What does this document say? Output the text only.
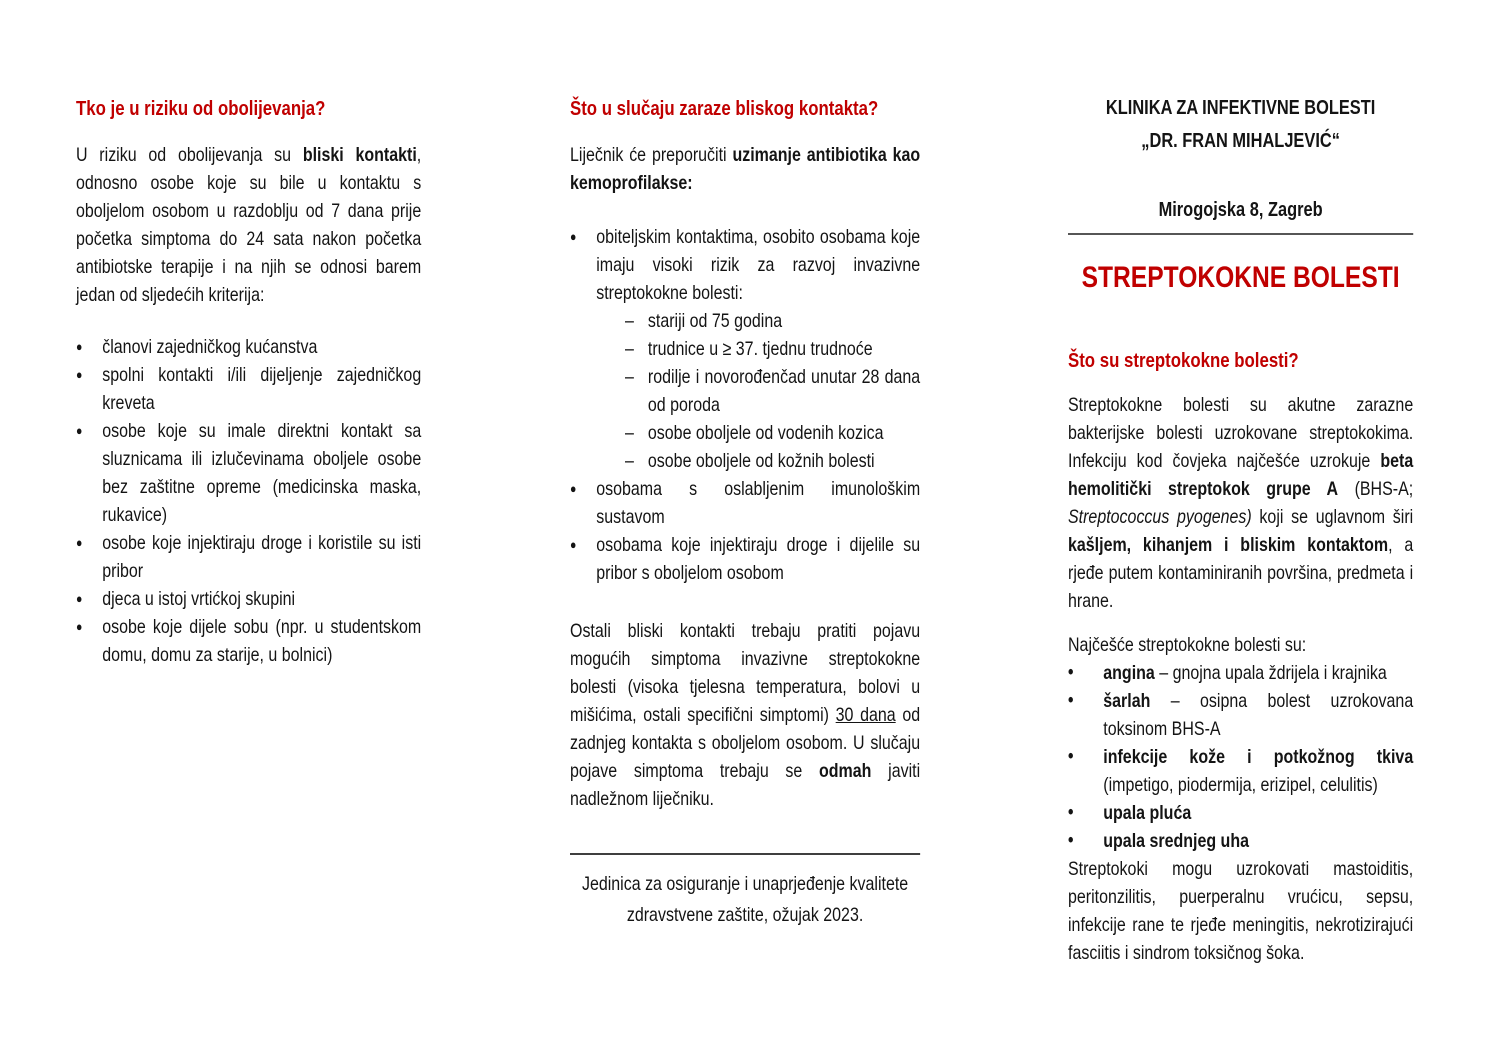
Tko je u riziku od obolijevanja?
U riziku od obolijevanja su bliski kontakti, odnosno osobe koje su bile u kontaktu s oboljelom osobom u razdoblju od 7 dana prije početka simptoma do 24 sata nakon početka antibiotske terapije i na njih se odnosi barem jedan od sljedećih kriterija:
●	članovi zajedničkog kućanstva
●	spolni kontakti i/ili dijeljenje zajedničkog kreveta
●	osobe koje su imale direktni kontakt sa sluznicama ili izlučevinama oboljele osobe bez zaštitne opreme (medicinska maska, rukavice)
●	osobe koje injektiraju droge i koristile su isti pribor
●	djeca u istoj vrtićkoj skupini
●	osobe koje dijele sobu (npr. u studentskom domu, domu za starije, u bolnici)
Što u slučaju zaraze bliskog kontakta?
Liječnik će preporučiti uzimanje antibiotika kao kemoprofilakse:
●	obiteljskim kontaktima, osobito osobama koje imaju visoki rizik za razvoj invazivne streptokokne bolesti:
– stariji od 75 godina
– trudnice u ≥ 37. tjednu trudnoće
– rodilje i novorođenčad unutar 28 dana od poroda
– osobe oboljele od vodenih kozica
– osobe oboljele od kožnih bolesti
●	osobama s oslabljenim imunološkim sustavom
●	osobama koje injektiraju droge i dijelile su pribor s oboljelom osobom
Ostali bliski kontakti trebaju pratiti pojavu mogućih simptoma invazivne streptokokne bolesti (visoka tjelesna temperatura, bolovi u mišićima, ostali specifični simptomi) 30 dana od zadnjeg kontakta s oboljelom osobom. U slučaju pojave simptoma trebaju se odmah javiti nadležnom liječniku.
Jedinica za osiguranje i unaprjeđenje kvalitete
zdravstvene zaštite, ožujak 2023.
KLINIKA ZA INFEKTIVNE BOLESTI
„DR. FRAN MIHALJEVIĆ“
Mirogojska 8, Zagreb
STREPTOKOKNE BOLESTI
Što su streptokokne bolesti?
Streptokokne bolesti su akutne zarazne bakterijske bolesti uzrokovane streptokokima. Infekciju kod čovjeka najčešće uzrokuje beta hemolitički streptokok grupe A (BHS-A; Streptococcus pyogenes) koji se uglavnom širi kašljem, kihanjem i bliskim kontaktom, a rjeđe putem kontaminiranih površina, predmeta i hrane.
Najčešće streptokokne bolesti su:
•	angina – gnojna upala ždrijela i krajnika
•	šarlah – osipna bolest uzrokovana toksinom BHS-A
•	infekcije kože i potkožnog tkiva (impetigo, piodermija, erizipel, celulitis)
•	upala pluća
•	upala srednjeg uha
Streptokoki mogu uzrokovati mastoiditis, peritonzilitis, puerperalnu vrućicu, sepsu, infekcije rane te rjeđe meningitis, nekrotizirajući fasciitis i sindrom toksičnog šoka.
